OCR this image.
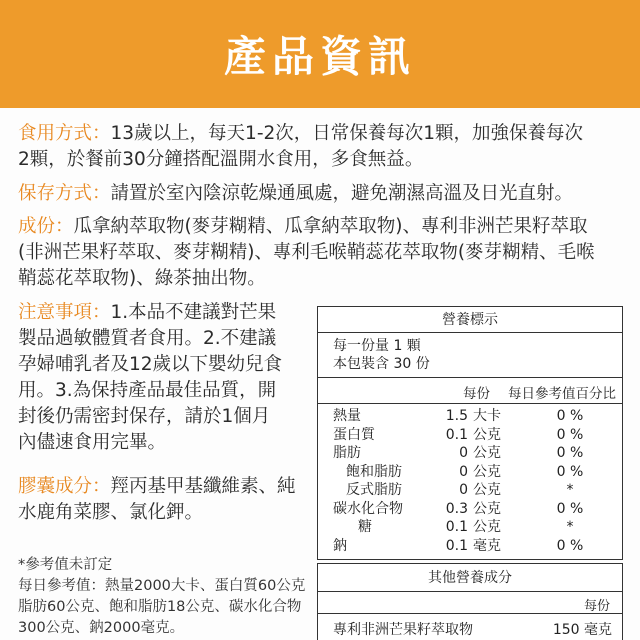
產品資訊
食用方式：13歲以上，每天1-2次，日常保養每次1顆，加強保養每次
2顆，於餐前30分鐘搭配溫開水食用，多食無益。
保存方式：請置於室內陰涼乾燥通風處，避免潮濕高溫及日光直射。
成份：瓜拿納萃取物(麥芽糊精、瓜拿納萃取物)、專利非洲芒果籽萃取
(非洲芒果籽萃取、麥芽糊精)、專利毛喉鞘蕊花萃取物(麥芽糊精、毛喉
鞘蕊花萃取物)、綠茶抽出物。
注意事項：1.本品不建議對芒果
製品過敏體質者食用。2.不建議
孕婦哺乳者及12歲以下嬰幼兒食
用。3.為保持產品最佳品質，開
封後仍需密封保存，請於1個月
內儘速食用完畢。
膠囊成分：羥丙基甲基纖維素、純
水鹿角菜膠、氯化鉀。
*參考值未訂定
每日參考值：熱量2000大卡、蛋白質60公克
脂肪60公克、飽和脂肪18公克、碳水化合物
300公克、鈉2000毫克。
營養標示
每一份量 1 顆
本包裝含 30 份
每份 每日參考值百分比
熱量	1.5 大卡	0 %
蛋白質	0.1 公克	0 %
脂肪	0 公克	0 %
飽和脂肪	0 公克	0 %
反式脂肪	0 公克	*
碳水化合物	0.3 公克	0 %
糖	0.1 公克	*
鈉	0.1 毫克	0 %
其他營養成分
每份
專利非洲芒果籽萃取物	150 毫克
